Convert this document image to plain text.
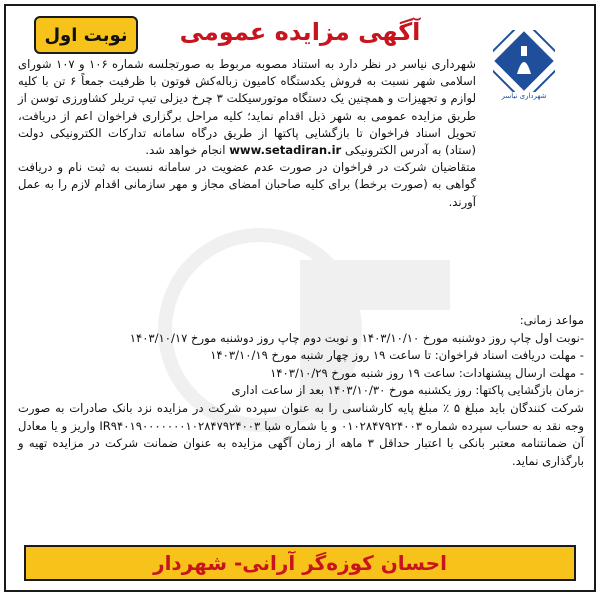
نوبت اول	آگهی مزایده عمومی
شهرداری نیاسر

شهرداری نیاسر در نظر دارد به استناد مصوبه مربوط به صورتجلسه شماره ۱۰۶ و ۱۰۷ شورای اسلامی شهر نسبت به فروش یکدستگاه کامیون زباله‌کش فوتون با ظرفیت جمعاً ۶ تن با کلیه لوازم و تجهیزات و همچنین یک دستگاه موتورسیکلت ۳ چرخ دیزلی تیپ تریلر کشاورزی توسن از طریق مزایده عمومی به شهر ذیل اقدام نماید؛ کلیه مراحل برگزاری فراخوان اعم از دریافت، تحویل اسناد فراخوان تا بازگشایی پاکتها از طریق درگاه سامانه تدارکات الکترونیکی دولت (ستاد) به آدرس الکترونیکی www.setadiran.ir انجام خواهد شد.

متقاضیان شرکت در فراخوان در صورت عدم عضویت در سامانه نسبت به ثبت نام و دریافت گواهی به (صورت برخط) برای کلیه صاحبان امضای مجاز و مهر سازمانی اقدام لازم را به عمل آورند.

مواعد زمانی:

-نوبت اول چاپ روز دوشنبه مورخ ۱۴۰۳/۱۰/۱۰ و نوبت دوم چاپ روز دوشنبه مورخ ۱۴۰۳/۱۰/۱۷

- مهلت دریافت اسناد فراخوان: تا ساعت ۱۹ روز چهار شنبه مورخ ۱۴۰۳/۱۰/۱۹

- مهلت ارسال پیشنهادات: ساعت ۱۹ روز شنبه مورخ ۱۴۰۳/۱۰/۲۹

-زمان بازگشایی پاکتها: روز یکشنبه مورخ ۱۴۰۳/۱۰/۳۰ بعد از ساعت اداری

شرکت کنندگان باید مبلغ ۵ ٪ مبلغ پایه کارشناسی را به عنوان سپرده شرکت در مزایده نزد بانک صادرات به صورت وجه نقد به حساب سپرده شماره ۰۱۰۲۸۴۷۹۲۴۰۰۳ و یا شماره شبا IR۹۴۰۱۹۰۰۰۰۰۰۰۱۰۲۸۴۷۹۲۴۰۰۳ واریز و یا معادل آن ضمانتنامه معتبر بانکی با اعتبار حداقل ۳ ماهه از زمان آگهی مزایده به عنوان ضمانت شرکت در مزایده تهیه و بارگذاری نماید.

احسان کوزه‌گر آرانی- شهردار
